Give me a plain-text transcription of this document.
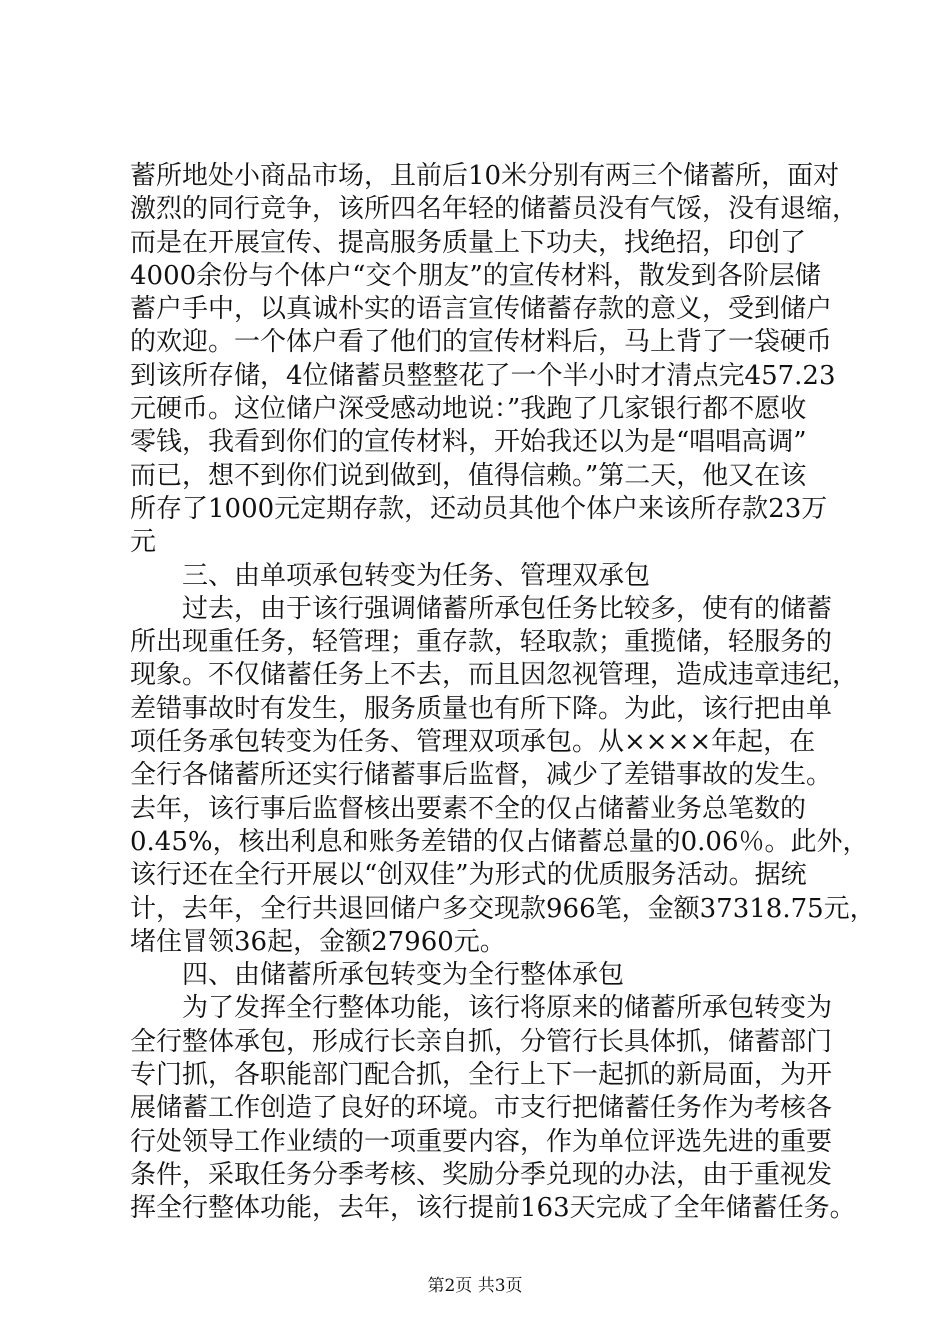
蓄所地处小商品市场，且前后10米分别有两三个储蓄所，面对
激烈的同行竞争，该所四名年轻的储蓄员没有气馁，没有退缩，
而是在开展宣传、提高服务质量上下功夫，找绝招，印创了
4000余份与个体户“交个朋友”的宣传材料，散发到各阶层储
蓄户手中，以真诚朴实的语言宣传储蓄存款的意义，受到储户
的欢迎。一个体户看了他们的宣传材料后，马上背了一袋硬币
到该所存储，4位储蓄员整整花了一个半小时才清点完457.23
元硬币。这位储户深受感动地说：”我跑了几家银行都不愿收
零钱，我看到你们的宣传材料，开始我还以为是“唱唱高调”
而已，想不到你们说到做到，值得信赖。”第二天，他又在该
所存了1000元定期存款，还动员其他个体户来该所存款23万
元
三、由单项承包转变为任务、管理双承包
过去，由于该行强调储蓄所承包任务比较多，使有的储蓄
所出现重任务，轻管理；重存款，轻取款；重揽储，轻服务的
现象。不仅储蓄任务上不去，而且因忽视管理，造成违章违纪，
差错事故时有发生，服务质量也有所下降。为此，该行把由单
项任务承包转变为任务、管理双项承包。从××××年起，在
全行各储蓄所还实行储蓄事后监督，减少了差错事故的发生。
去年，该行事后监督核出要素不全的仅占储蓄业务总笔数的
0.45%，核出利息和账务差错的仅占储蓄总量的0.06％。此外，
该行还在全行开展以“创双佳”为形式的优质服务活动。据统
计，去年，全行共退回储户多交现款966笔，金额37318.75元，
堵住冒领36起，金额27960元。
四、由储蓄所承包转变为全行整体承包
为了发挥全行整体功能，该行将原来的储蓄所承包转变为
全行整体承包，形成行长亲自抓，分管行长具体抓，储蓄部门
专门抓，各职能部门配合抓，全行上下一起抓的新局面，为开
展储蓄工作创造了良好的环境。市支行把储蓄任务作为考核各
行处领导工作业绩的一项重要内容，作为单位评选先进的重要
条件，采取任务分季考核、奖励分季兑现的办法，由于重视发
挥全行整体功能，去年，该行提前163天完成了全年储蓄任务。
第2页 共3页
